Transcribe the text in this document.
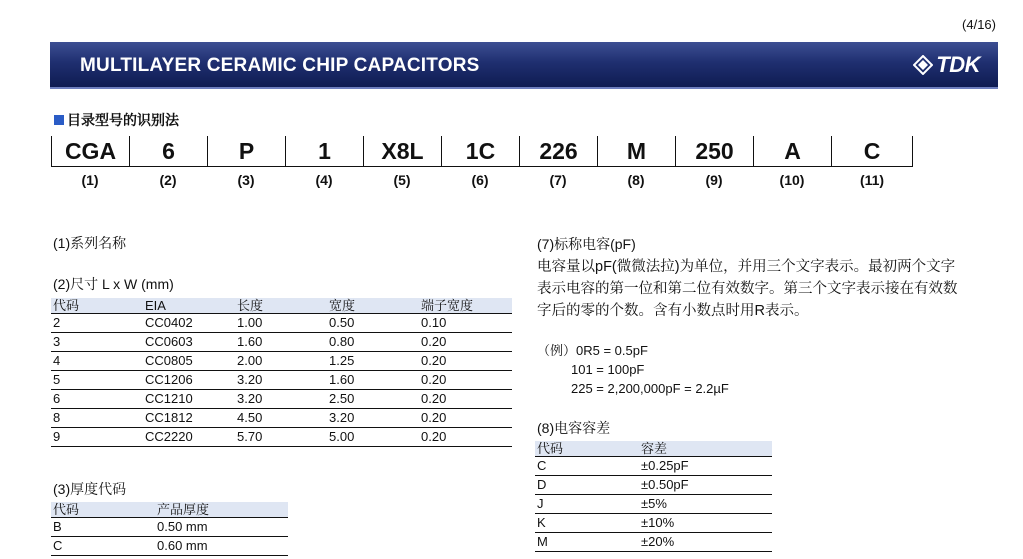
(4/16)
MULTILAYER CERAMIC CHIP CAPACITORS	TDK
目录型号的识别法
CGA	6	P	1	X8L	1C	226	M	250	A	C
(1)	(2)	(3)	(4)	(5)	(6)	(7)	(8)	(9)	(10)	(11)
(1)系列名称
(2)尺寸 L x W (mm)
代码	EIA	长度	宽度	端子宽度
2	CC0402	1.00	0.50	0.10
3	CC0603	1.60	0.80	0.20
4	CC0805	2.00	1.25	0.20
5	CC1206	3.20	1.60	0.20
6	CC1210	3.20	2.50	0.20
8	CC1812	4.50	3.20	0.20
9	CC2220	5.70	5.00	0.20
(3)厚度代码
代码	产品厚度
B	0.50 mm
C	0.60 mm
(7)标称电容(pF)
电容量以pF(微微法拉)为单位，并用三个文字表示。最初两个文字
表示电容的第一位和第二位有效数字。第三个文字表示接在有效数
字后的零的个数。含有小数点时用R表示。
（例）0R5 = 0.5pF
101 = 100pF
225 = 2,200,000pF = 2.2µF
(8)电容容差
代码	容差
C	±0.25pF
D	±0.50pF
J	±5%
K	±10%
M	±20%
